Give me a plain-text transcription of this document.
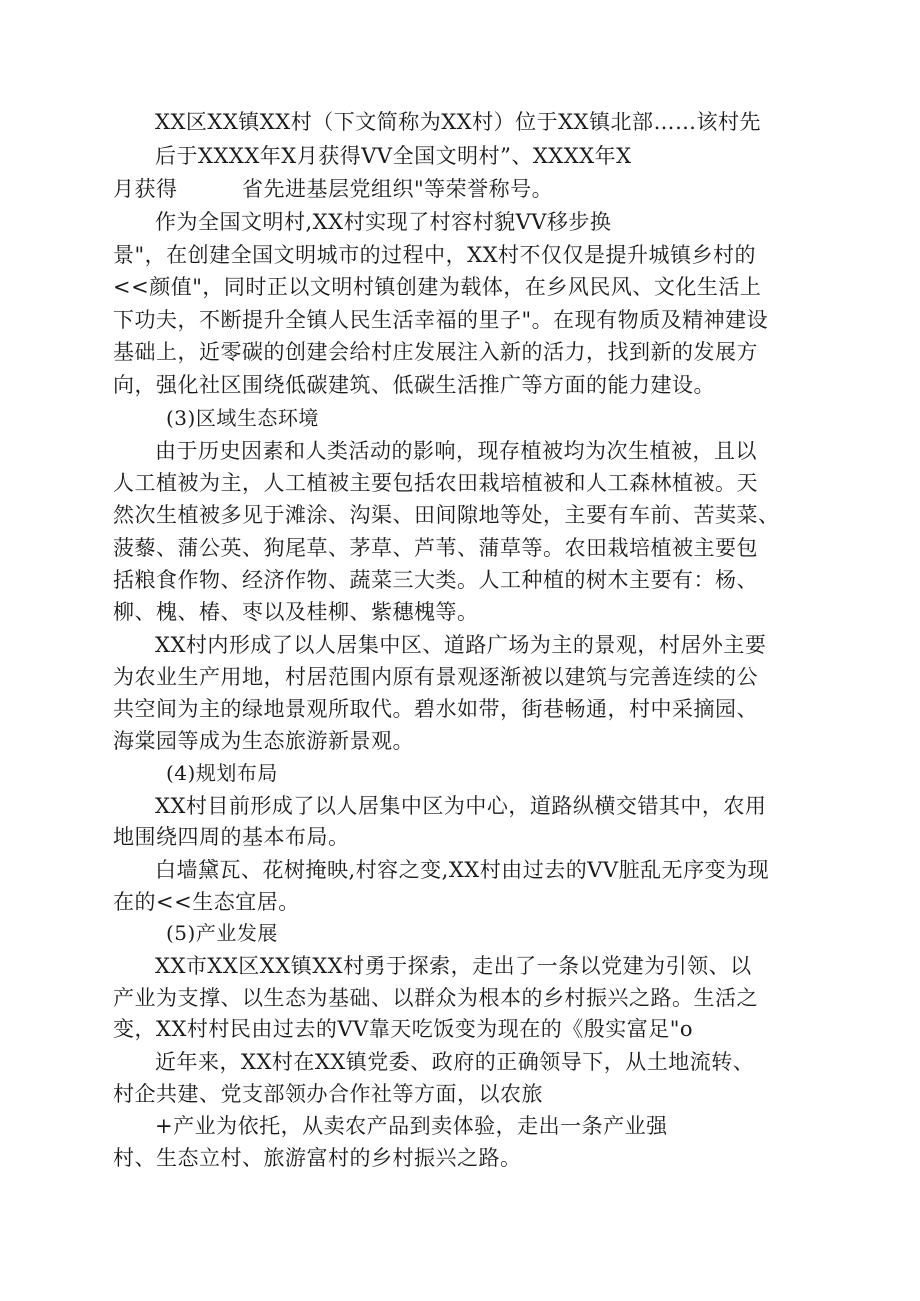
XX区XX镇XX村（下文简称为XX村）位于XX镇北部……该村先
后于XXXX年X月获得VV全国文明村”、XXXX年X
月获得　　　省先进基层党组织"等荣誉称号。
作为全国文明村,XX村实现了村容村貌VV移步换
景"，在创建全国文明城市的过程中，XX村不仅仅是提升城镇乡村的
<<颜值"，同时正以文明村镇创建为载体，在乡风民风、文化生活上
下功夫，不断提升全镇人民生活幸福的里子"。在现有物质及精神建设
基础上，近零碳的创建会给村庄发展注入新的活力，找到新的发展方
向，强化社区围绕低碳建筑、低碳生活推广等方面的能力建设。
(3)区域生态环境
由于历史因素和人类活动的影响，现存植被均为次生植被，且以
人工植被为主，人工植被主要包括农田栽培植被和人工森林植被。天
然次生植被多见于滩涂、沟渠、田间隙地等处，主要有车前、苦荬菜、
菠藜、蒲公英、狗尾草、茅草、芦苇、蒲草等。农田栽培植被主要包
括粮食作物、经济作物、蔬菜三大类。人工种植的树木主要有：杨、
柳、槐、椿、枣以及桂柳、紫穗槐等。
XX村内形成了以人居集中区、道路广场为主的景观，村居外主要
为农业生产用地，村居范围内原有景观逐渐被以建筑与完善连续的公
共空间为主的绿地景观所取代。碧水如带，街巷畅通，村中采摘园、
海棠园等成为生态旅游新景观。
(4)规划布局
XX村目前形成了以人居集中区为中心，道路纵横交错其中，农用
地围绕四周的基本布局。
白墙黛瓦、花树掩映,村容之变,XX村由过去的VV脏乱无序变为现
在的<<生态宜居。
(5)产业发展
XX市XX区XX镇XX村勇于探索，走出了一条以党建为引领、以
产业为支撑、以生态为基础、以群众为根本的乡村振兴之路。生活之
变，XX村村民由过去的VV靠天吃饭变为现在的《殷实富足"o
近年来，XX村在XX镇党委、政府的正确领导下，从土地流转、
村企共建、党支部领办合作社等方面，以农旅
+产业为依托，从卖农产品到卖体验，走出一条产业强
村、生态立村、旅游富村的乡村振兴之路。
